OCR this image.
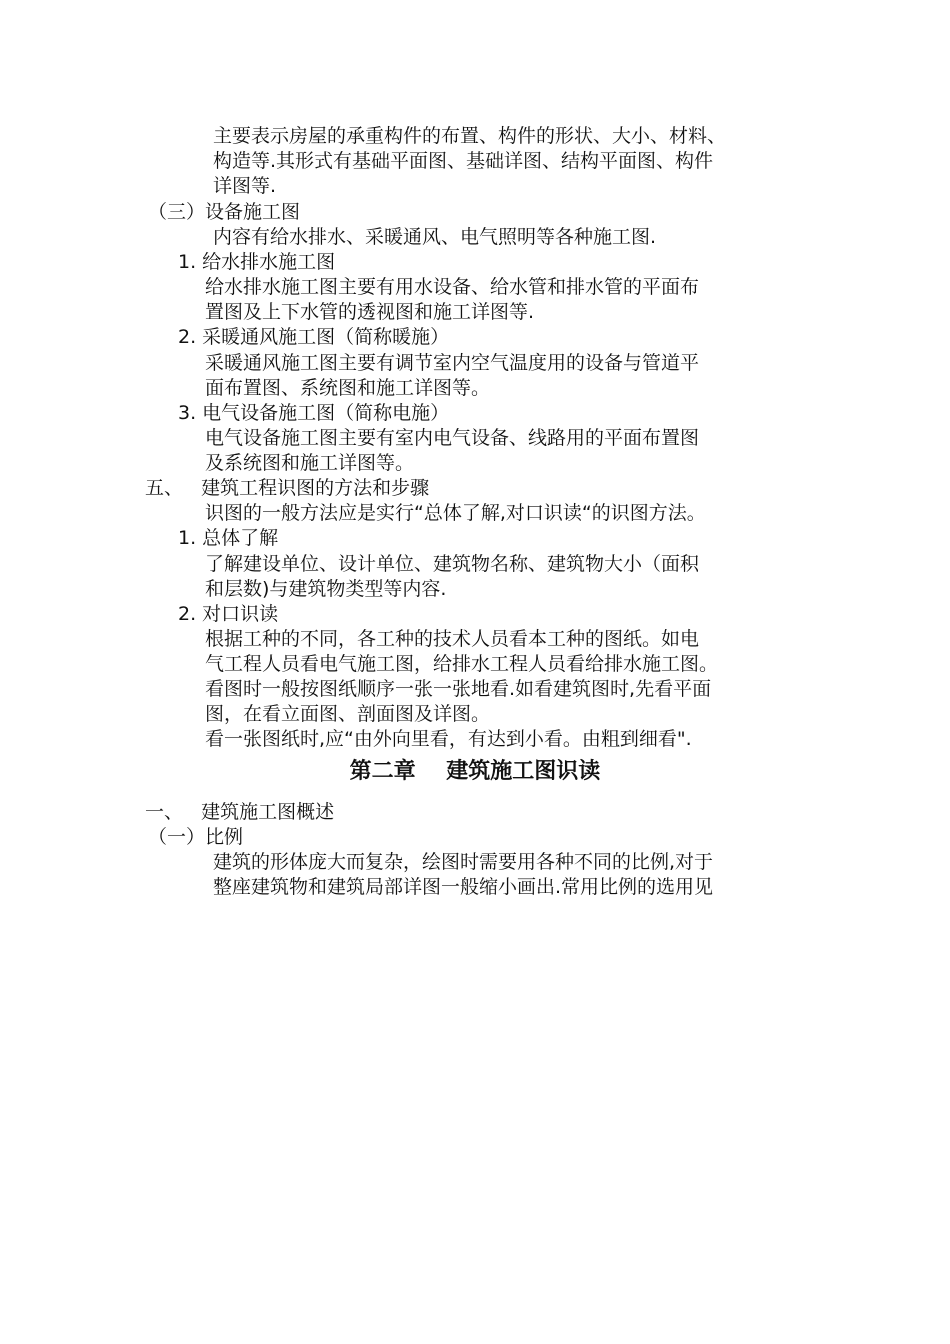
主要表示房屋的承重构件的布置、构件的形状、大小、材料、
构造等.其形式有基础平面图、基础详图、结构平面图、构件
详图等.
（三）设备施工图
内容有给水排水、采暖通风、电气照明等各种施工图.
1. 给水排水施工图
给水排水施工图主要有用水设备、给水管和排水管的平面布
置图及上下水管的透视图和施工详图等.
2. 采暖通风施工图（简称暖施）
采暖通风施工图主要有调节室内空气温度用的设备与管道平
面布置图、系统图和施工详图等。
3. 电气设备施工图（简称电施）
电气设备施工图主要有室内电气设备、线路用的平面布置图
及系统图和施工详图等。
五、   建筑工程识图的方法和步骤
识图的一般方法应是实行“总体了解,对口识读“的识图方法。
1. 总体了解
了解建设单位、设计单位、建筑物名称、建筑物大小（面积
和层数)与建筑物类型等内容.
2. 对口识读
根据工种的不同，各工种的技术人员看本工种的图纸。如电
气工程人员看电气施工图，给排水工程人员看给排水施工图。
看图时一般按图纸顺序一张一张地看.如看建筑图时,先看平面
图，在看立面图、剖面图及详图。
看一张图纸时,应“由外向里看，有达到小看。由粗到细看".
第二章    建筑施工图识读
一、   建筑施工图概述
（一）比例
建筑的形体庞大而复杂，绘图时需要用各种不同的比例,对于
整座建筑物和建筑局部详图一般缩小画出.常用比例的选用见
